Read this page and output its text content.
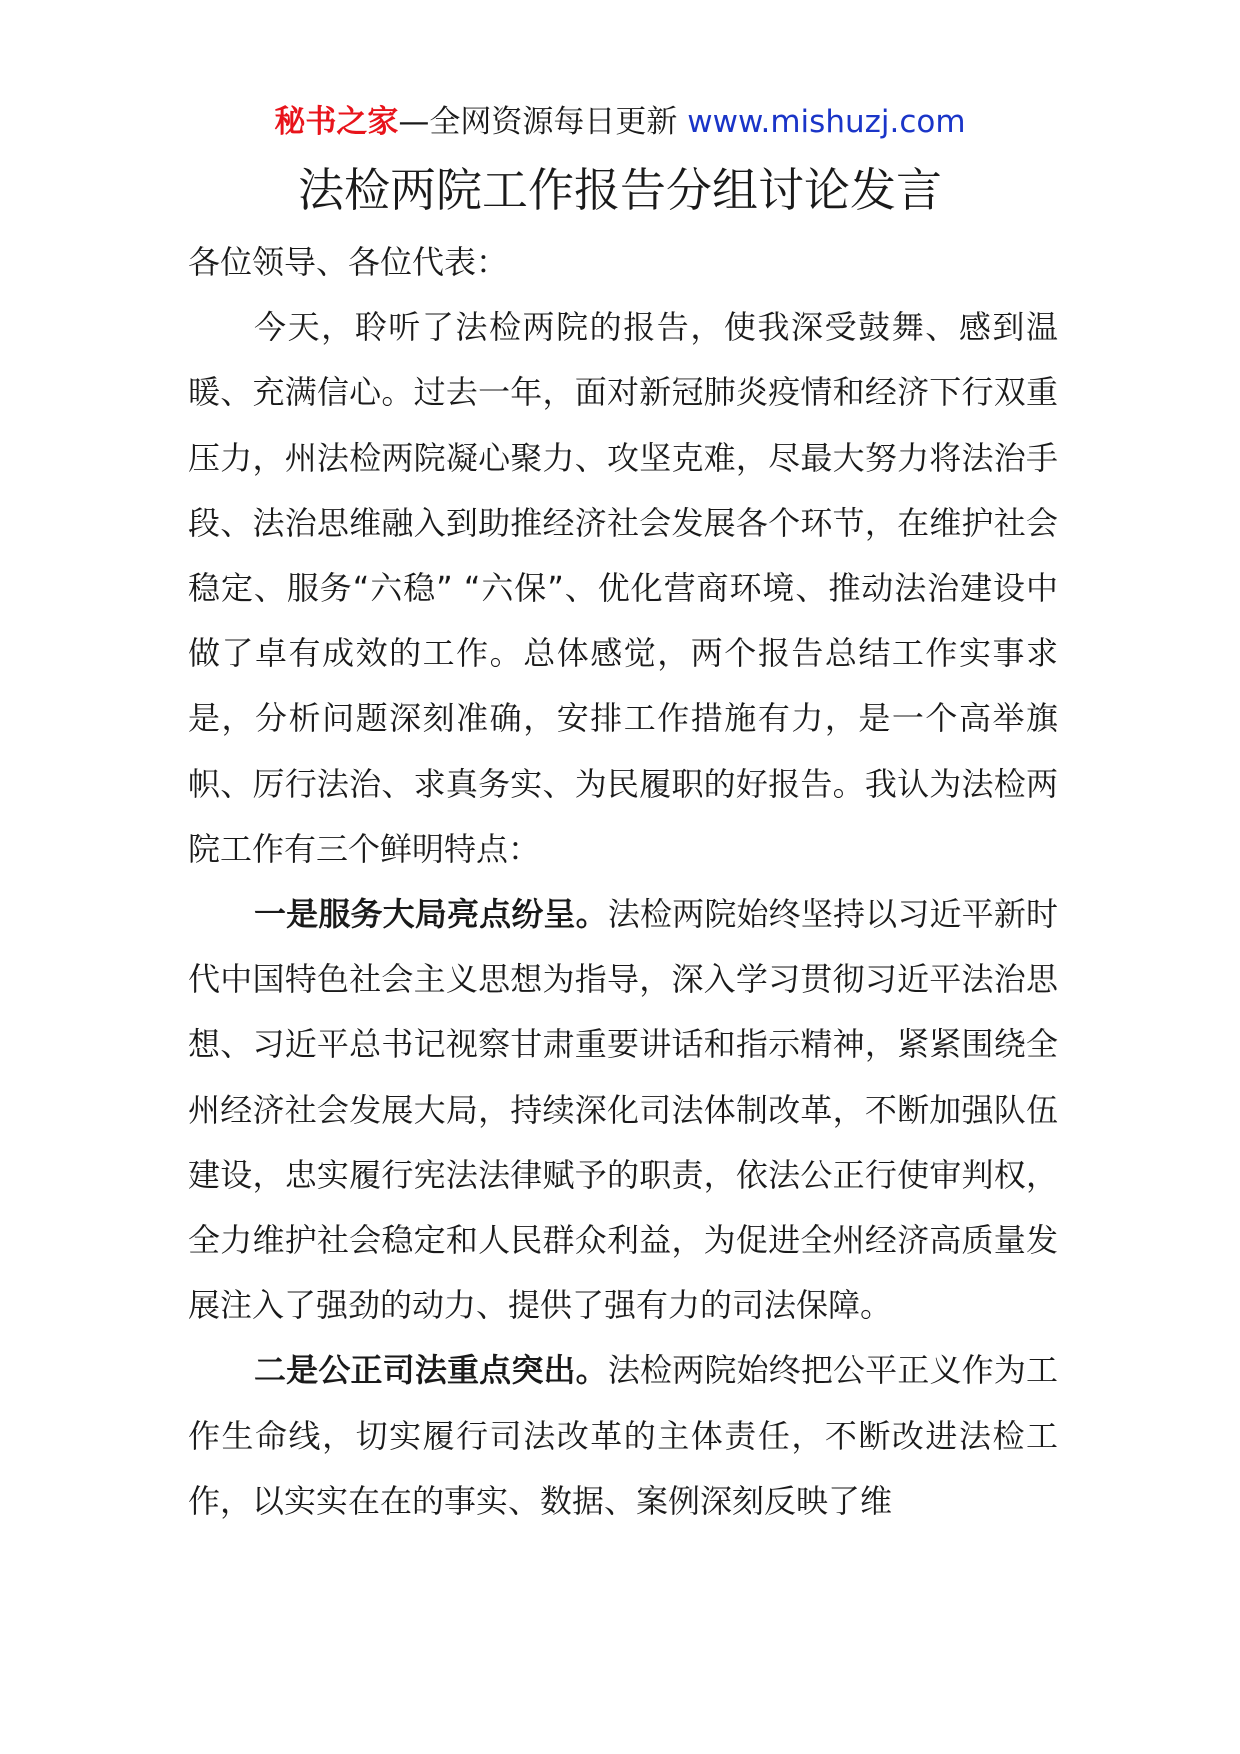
秘书之家—全网资源每日更新 www.mishuzj.com
法检两院工作报告分组讨论发言

各位领导、各位代表：

今天，聆听了法检两院的报告，使我深受鼓舞、感到温暖、充满信心。过去一年，面对新冠肺炎疫情和经济下行双重压力，州法检两院凝心聚力、攻坚克难，尽最大努力将法治手段、法治思维融入到助推经济社会发展各个环节，在维护社会稳定、服务“六稳” “六保”、优化营商环境、推动法治建设中做了卓有成效的工作。总体感觉，两个报告总结工作实事求是，分析问题深刻准确，安排工作措施有力，是一个高举旗帜、厉行法治、求真务实、为民履职的好报告。我认为法检两院工作有三个鲜明特点：

一是服务大局亮点纷呈。法检两院始终坚持以习近平新时代中国特色社会主义思想为指导，深入学习贯彻习近平法治思想、习近平总书记视察甘肃重要讲话和指示精神，紧紧围绕全州经济社会发展大局，持续深化司法体制改革，不断加强队伍建设，忠实履行宪法法律赋予的职责，依法公正行使审判权，全力维护社会稳定和人民群众利益，为促进全州经济高质量发展注入了强劲的动力、提供了强有力的司法保障。

二是公正司法重点突出。法检两院始终把公平正义作为工作生命线，切实履行司法改革的主体责任，不断改进法检工作，以实实在在的事实、数据、案例深刻反映了维
